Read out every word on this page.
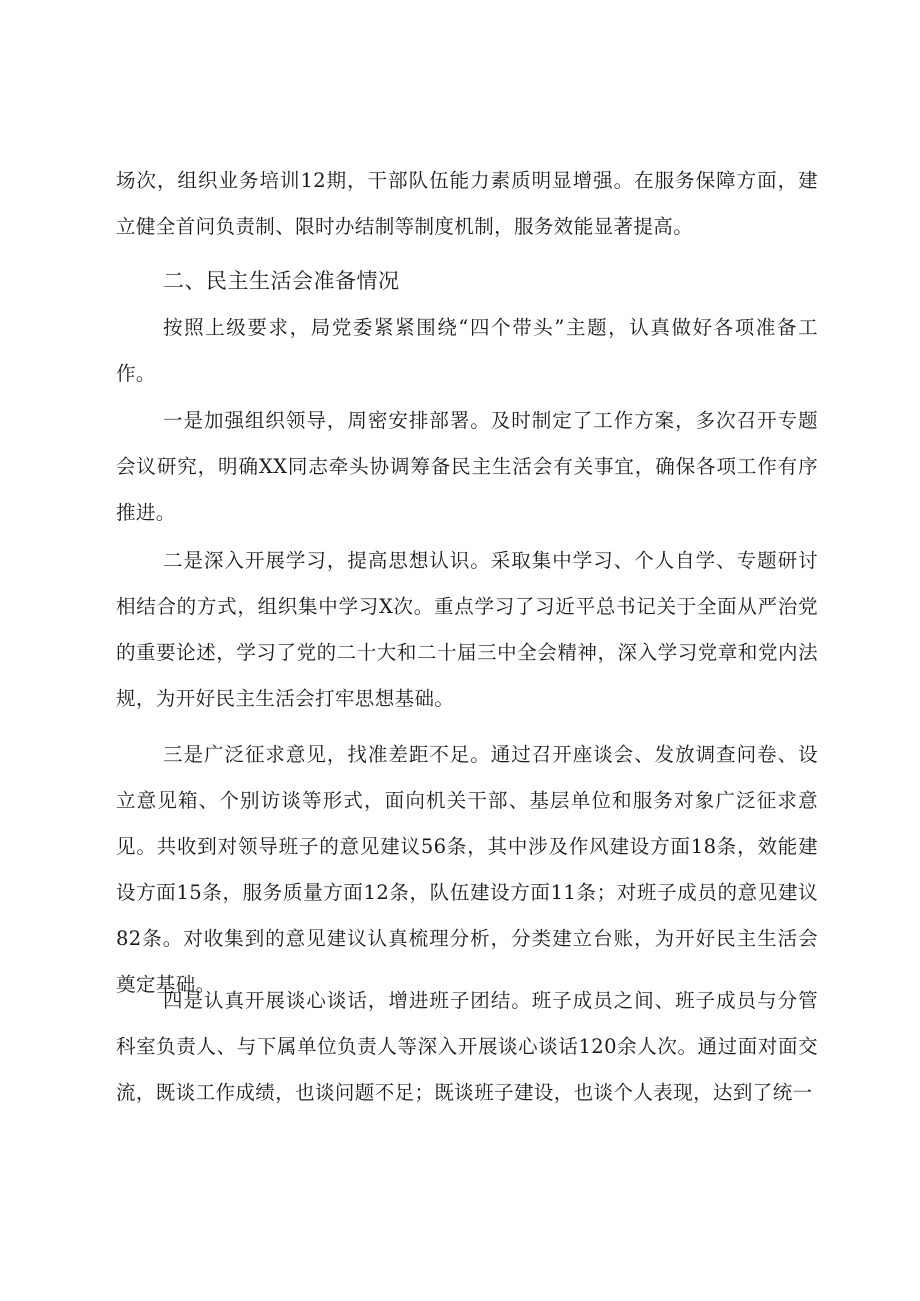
场次，组织业务培训12期，干部队伍能力素质明显增强。在服务保障方面，建立健全首问负责制、限时办结制等制度机制，服务效能显著提高。

二、民主生活会准备情况

按照上级要求，局党委紧紧围绕“四个带头”主题，认真做好各项准备工作。

一是加强组织领导，周密安排部署。及时制定了工作方案，多次召开专题会议研究，明确XX同志牵头协调筹备民主生活会有关事宜，确保各项工作有序推进。

二是深入开展学习，提高思想认识。采取集中学习、个人自学、专题研讨相结合的方式，组织集中学习X次。重点学习了习近平总书记关于全面从严治党的重要论述，学习了党的二十大和二十届三中全会精神，深入学习党章和党内法规，为开好民主生活会打牢思想基础。

三是广泛征求意见，找准差距不足。通过召开座谈会、发放调查问卷、设立意见箱、个别访谈等形式，面向机关干部、基层单位和服务对象广泛征求意见。共收到对领导班子的意见建议56条，其中涉及作风建设方面18条，效能建设方面15条，服务质量方面12条，队伍建设方面11条；对班子成员的意见建议82条。对收集到的意见建议认真梳理分析，分类建立台账，为开好民主生活会奠定基础。

四是认真开展谈心谈话，增进班子团结。班子成员之间、班子成员与分管科室负责人、与下属单位负责人等深入开展谈心谈话120余人次。通过面对面交流，既谈工作成绩，也谈问题不足；既谈班子建设，也谈个人表现，达到了统一
